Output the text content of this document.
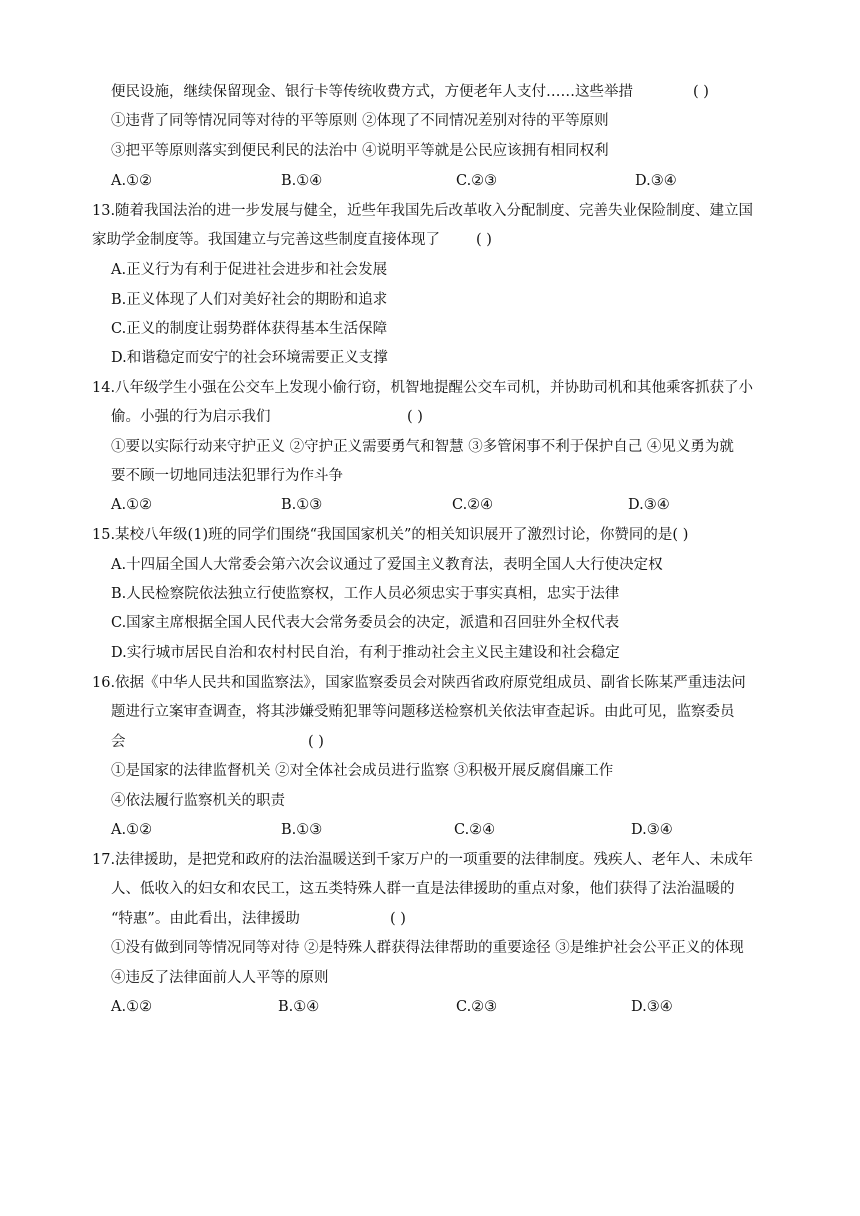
便民设施，继续保留现金、银行卡等传统收费方式，方便老年人支付……这些举措	( )
①违背了同等情况同等对待的平等原则 ②体现了不同情况差别对待的平等原则
③把平等原则落实到便民利民的法治中 ④说明平等就是公民应该拥有相同权利
A.①②	B.①④	C.②③	D.③④
13.随着我国法治的进一步发展与健全，近些年我国先后改革收入分配制度、完善失业保险制度、建立国
家助学金制度等。我国建立与完善这些制度直接体现了 ( )
A.正义行为有利于促进社会进步和社会发展
B.正义体现了人们对美好社会的期盼和追求
C.正义的制度让弱势群体获得基本生活保障
D.和谐稳定而安宁的社会环境需要正义支撑
14.八年级学生小强在公交车上发现小偷行窃，机智地提醒公交车司机，并协助司机和其他乘客抓获了小
偷。小强的行为启示我们	( )
①要以实际行动来守护正义 ②守护正义需要勇气和智慧 ③多管闲事不利于保护自己 ④见义勇为就
要不顾一切地同违法犯罪行为作斗争
A.①②	B.①③	C.②④	D.③④
15.某校八年级(1)班的同学们围绕“我国国家机关”的相关知识展开了激烈讨论，你赞同的是( )
A.十四届全国人大常委会第六次会议通过了爱国主义教育法，表明全国人大行使决定权
B.人民检察院依法独立行使监察权，工作人员必须忠实于事实真相，忠实于法律
C.国家主席根据全国人民代表大会常务委员会的决定，派遣和召回驻外全权代表
D.实行城市居民自治和农村村民自治，有利于推动社会主义民主建设和社会稳定
16.依据《中华人民共和国监察法》，国家监察委员会对陕西省政府原党组成员、副省长陈某严重违法问
题进行立案审查调查，将其涉嫌受贿犯罪等问题移送检察机关依法审查起诉。由此可见，监察委员
会	( )
①是国家的法律监督机关 ②对全体社会成员进行监察 ③积极开展反腐倡廉工作
④依法履行监察机关的职责
A.①②	B.①③	C.②④	D.③④
17.法律援助，是把党和政府的法治温暖送到千家万户的一项重要的法律制度。残疾人、老年人、未成年
人、低收入的妇女和农民工，这五类特殊人群一直是法律援助的重点对象，他们获得了法治温暖的
“特惠”。由此看出，法律援助	( )
①没有做到同等情况同等对待 ②是特殊人群获得法律帮助的重要途径 ③是维护社会公平正义的体现
④违反了法律面前人人平等的原则
A.①②	B.①④	C.②③	D.③④
